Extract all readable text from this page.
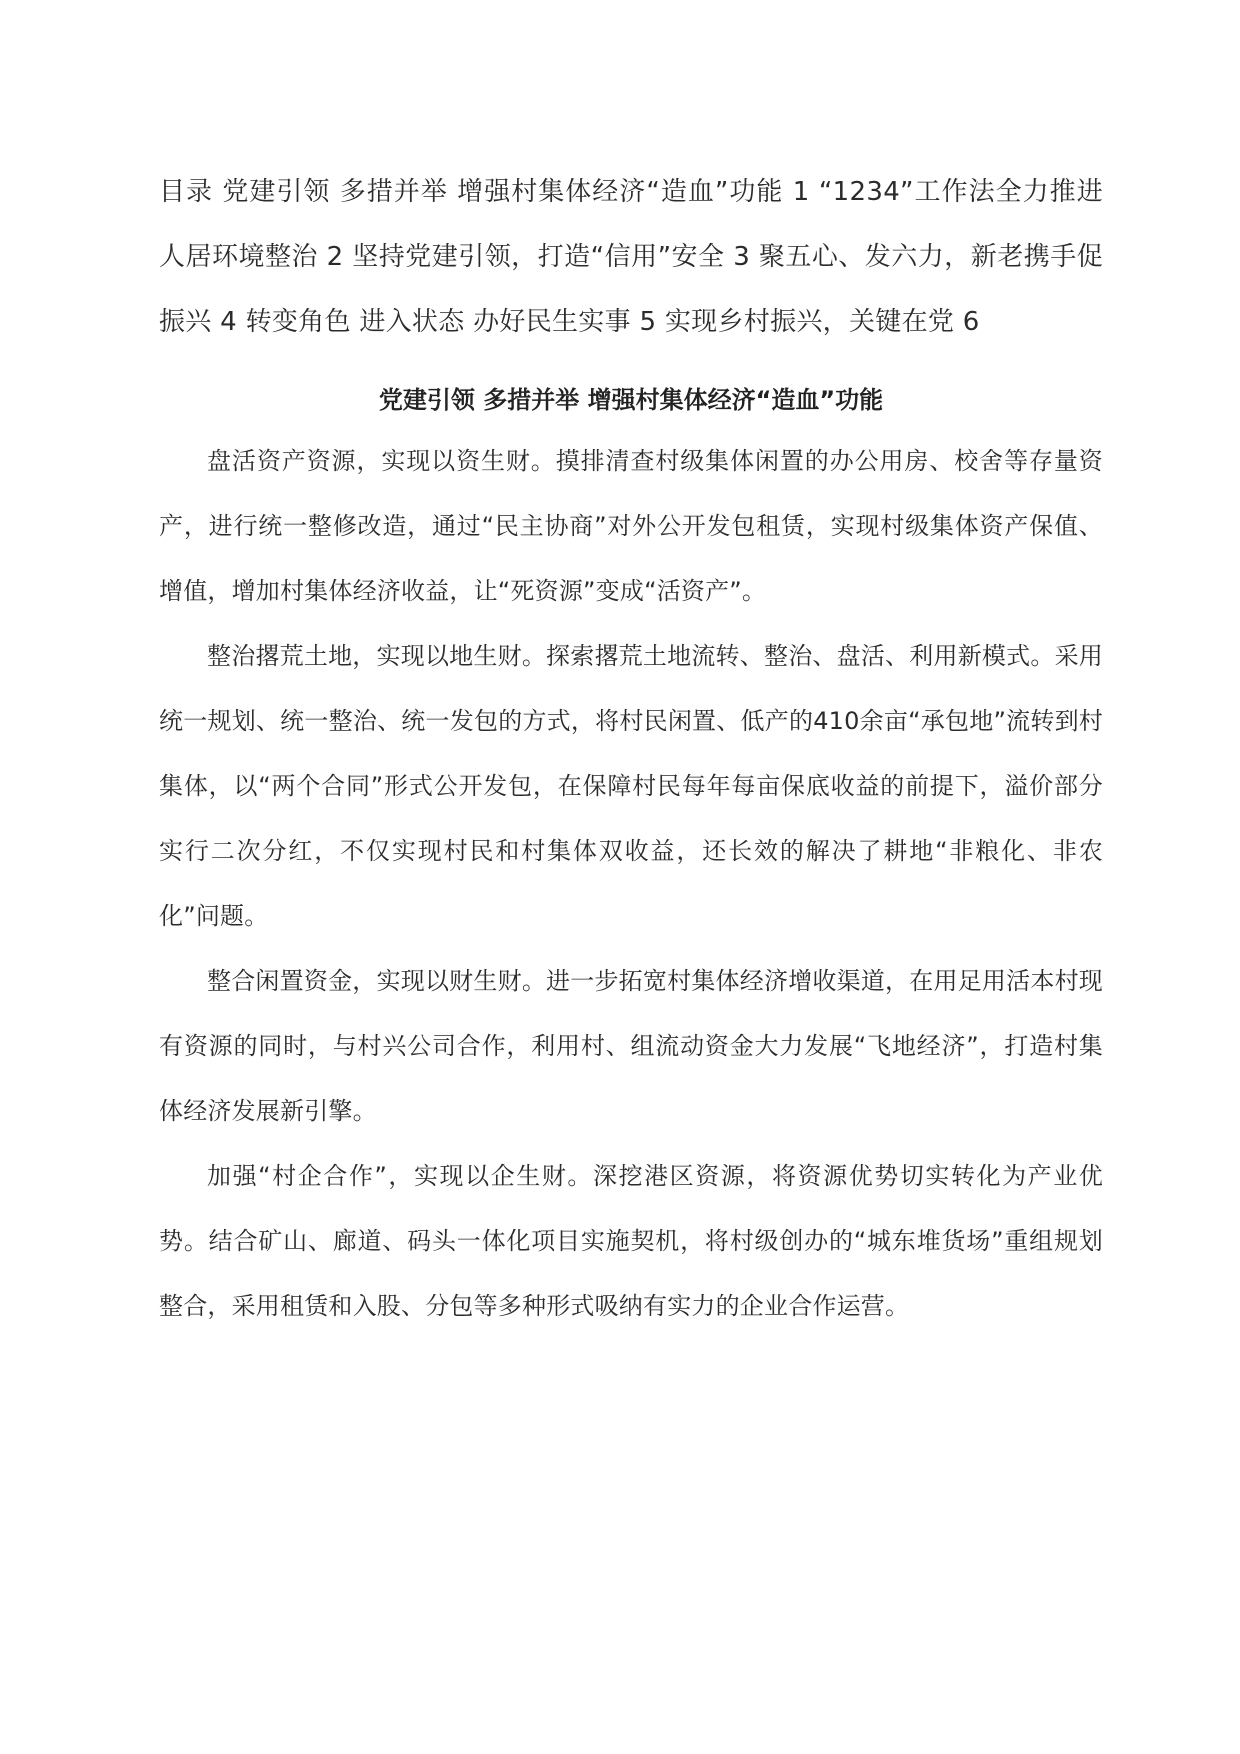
目录 党建引领 多措并举 增强村集体经济“造血”功能 1 “1234”工作法全力推进人居环境整治 2 坚持党建引领，打造“信用”安全 3 聚五心、发六力，新老携手促振兴 4 转变角色 进入状态 办好民生实事 5 实现乡村振兴，关键在党 6

党建引领 多措并举 增强村集体经济“造血”功能

盘活资产资源，实现以资生财。摸排清查村级集体闲置的办公用房、校舍等存量资产，进行统一整修改造，通过“民主协商”对外公开发包租赁，实现村级集体资产保值、增值，增加村集体经济收益，让“死资源”变成“活资产”。

整治撂荒土地，实现以地生财。探索撂荒土地流转、整治、盘活、利用新模式。采用统一规划、统一整治、统一发包的方式，将村民闲置、低产的410余亩“承包地”流转到村集体，以“两个合同”形式公开发包，在保障村民每年每亩保底收益的前提下，溢价部分实行二次分红，不仅实现村民和村集体双收益，还长效的解决了耕地“非粮化、非农化”问题。

整合闲置资金，实现以财生财。进一步拓宽村集体经济增收渠道，在用足用活本村现有资源的同时，与村兴公司合作，利用村、组流动资金大力发展“飞地经济”，打造村集体经济发展新引擎。

加强“村企合作”，实现以企生财。深挖港区资源，将资源优势切实转化为产业优势。结合矿山、廊道、码头一体化项目实施契机，将村级创办的“城东堆货场”重组规划整合，采用租赁和入股、分包等多种形式吸纳有实力的企业合作运营。
